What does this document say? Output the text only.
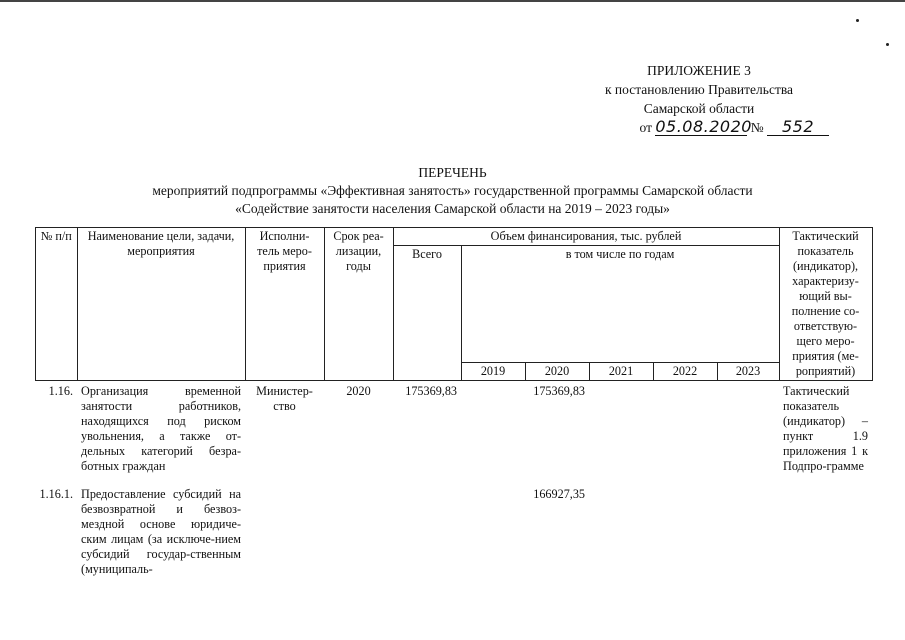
ПРИЛОЖЕНИЕ 3
к постановлению Правительства
Самарской области
от 05.08.2020 № 552
ПЕРЕЧЕНЬ
мероприятий подпрограммы «Эффективная занятость» государственной программы Самарской области
«Содействие занятости населения Самарской области на 2019 – 2023 годы»
№ п/п	Наименование цели, задачи, мероприятия	Исполни-тель меро-приятия	Срок реа-лизации, годы	Объем финансирования, тыс. рублей						Тактический показатель (индикатор), характеризу-ющий вы-полнение со-ответствую-щего меро-приятия (ме-роприятий)
				Всего	в том числе по годам					
					2019	2020	2021	2022	2023	
1.16.	Организация временной занятости работников, находящихся под риском увольнения, а также от-дельных категорий безра-ботных граждан	Министер-ство	2020	175369,83		175369,83				Тактический показатель (индикатор) – пункт 1.9 приложения 1 к Подпро-грамме
1.16.1.	Предоставление субсидий на безвозвратной и безвоз-мездной основе юридиче-ским лицам (за исключе-нием субсидий государ-ственным (муниципаль-					166927,35				
